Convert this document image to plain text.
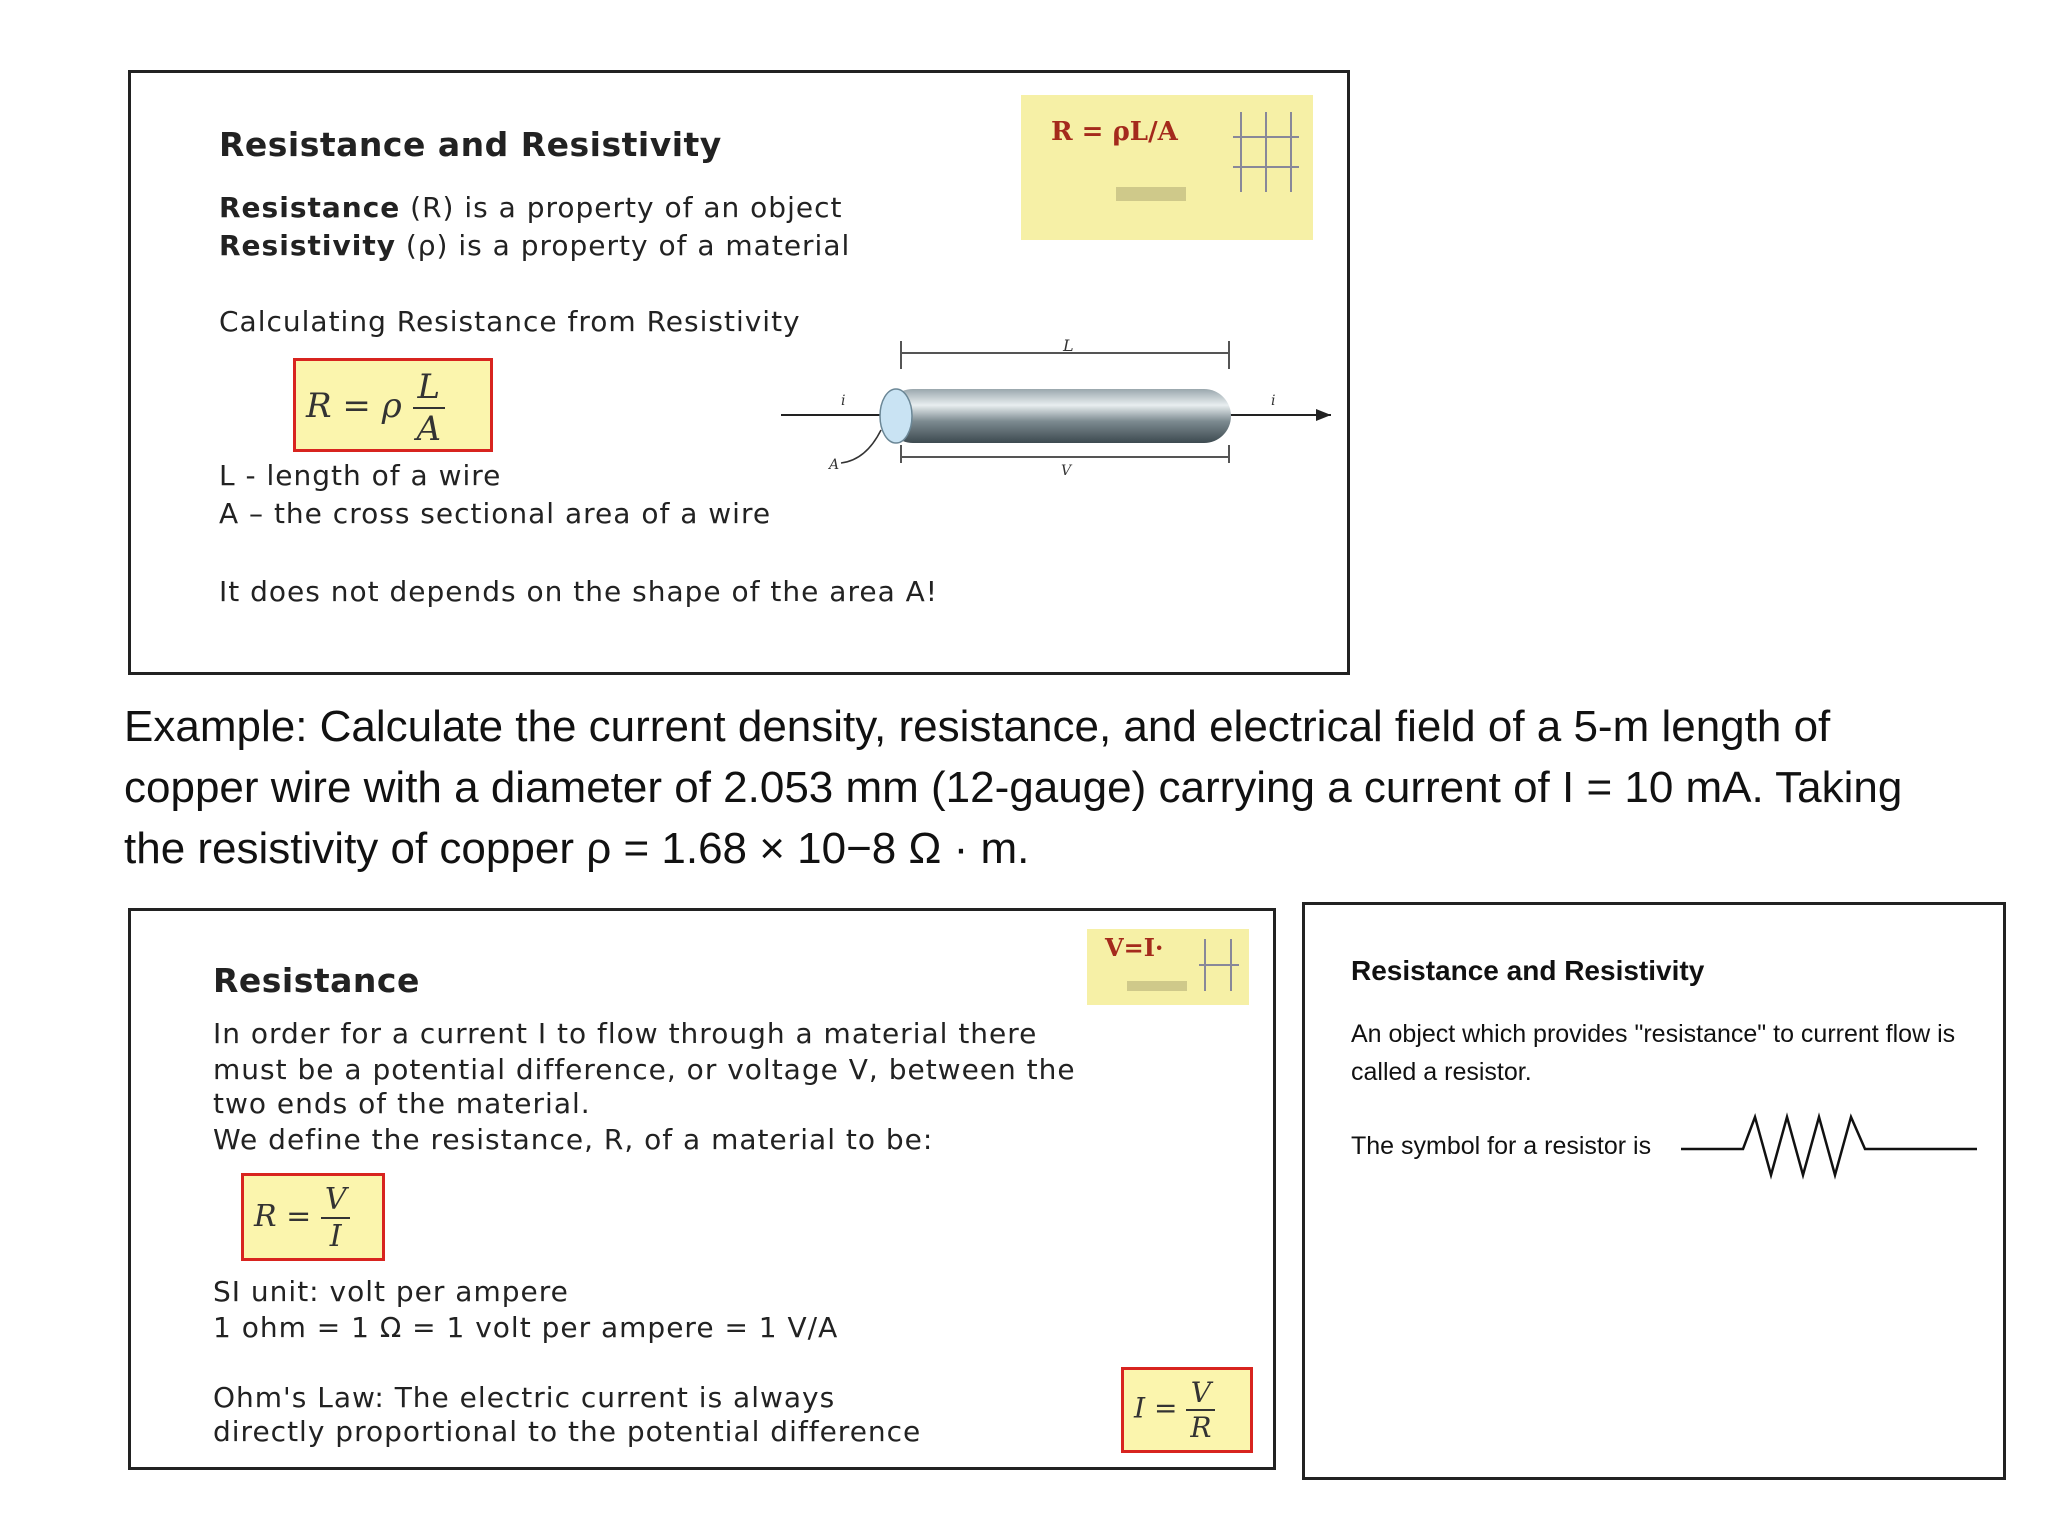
Resistance and Resistivity
Resistance (R) is a property of an object
Resistivity (ρ) is a property of a material
Calculating Resistance from Resistivity
R = ρ $\frac{L}{A}$
L - length of a wire
A – the cross sectional area of a wire
It does not depends on the shape of the area A!
L
i	i
A	V
R = ρL/A
Example: Calculate the current density, resistance, and electrical field of a 5-m length of copper wire with a diameter of 2.053 mm (12-gauge) carrying a current of I = 10 mA. Taking the resistivity of copper ρ = 1.68 × 10−8 Ω · m.
Resistance
In order for a current I to flow through a material there
must be a potential difference, or voltage V, between the
two ends of the material.
We define the resistance, R, of a material to be:
$R = \frac{V}{I}$
SI unit: volt per ampere
1 ohm = 1 Ω = 1 volt per ampere = 1 V/A
Ohm's Law: The electric current is always
directly proportional to the potential difference
$I = \frac{V}{R}$
V=I·
Resistance and Resistivity
An object which provides "resistance" to current flow is
called a resistor.
The symbol for a resistor is
